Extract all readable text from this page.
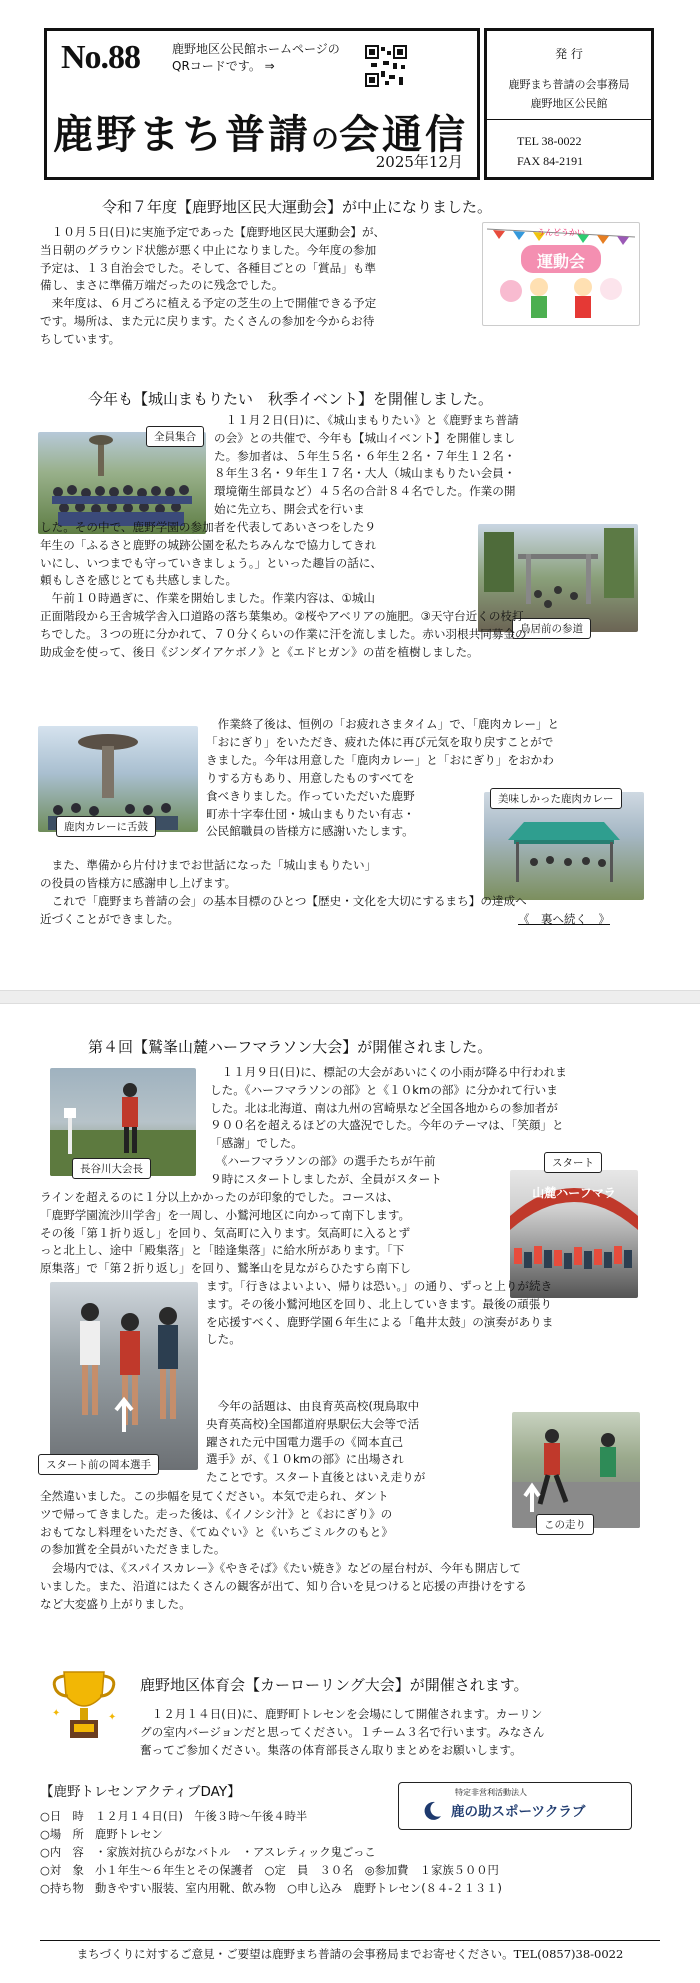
No.88	鹿野地区公民館ホームページの QRコードです。 ⇒
鹿野まち普請の会通信
2025年12月
発 行
鹿野まち普請の会事務局
鹿野地区公民館
TEL 38-0022
FAX 84-2191
令和７年度【鹿野地区民大運動会】が中止になりました。
　１０月５日(日)に実施予定であった【鹿野地区民大運動会】が、
当日朝のグラウンド状態が悪く中止になりました。今年度の参加
予定は、１３自治会でした。そして、各種目ごとの「賞品」も準
備し、まさに準備万端だったのに残念でした。
　来年度は、６月ごろに植える予定の芝生の上で開催できる予定
です。場所は、また元に戻ります。たくさんの参加を今からお待
ちしています。
うんどうかい
運動会
今年も【城山まもりたい　秋季イベント】を開催しました。
全員集合
　１１月２日(日)に、《城山まもりたい》と《鹿野まち普請
の会》との共催で、今年も【城山イベント】を開催しまし
た。参加者は、５年生５名・６年生２名・７年生１２名・
８年生３名・９年生１７名・大人（城山まもりたい会員・
環境衛生部員など）４５名の合計８４名でした。作業の開
始に先立ち、開会式を行いま
鳥居前の参道
した。その中で、鹿野学園の参加者を代表してあいさつをした９
年生の「ふるさと鹿野の城跡公園を私たちみんなで協力してきれ
いにし、いつまでも守っていきましょう。」といった趣旨の話に、
頼もしさを感じとても共感しました。
　午前１０時過ぎに、作業を開始しました。作業内容は、①城山
正面階段から王舎城学舎入口道路の落ち葉集め。②桜やアベリアの施肥。③天守台近くの枝打
ちでした。３つの班に分かれて、７０分くらいの作業に汗を流しました。赤い羽根共同募金の
助成金を使って、後日《ジンダイアケボノ》と《エドヒガン》の苗を植樹しました。
鹿肉カレーに舌鼓
　作業終了後は、恒例の「お疲れさまタイム」で、「鹿肉カレー」と
「おにぎり」をいただき、疲れた体に再び元気を取り戻すことがで
きました。今年は用意した「鹿肉カレー」と「おにぎり」をおかわ
りする方もあり、用意したものすべてを
食べきりました。作っていただいた鹿野
町赤十字奉仕団・城山まもりたい有志・
公民館職員の皆様方に感謝いたします。
美味しかった鹿肉カレー
　また、準備から片付けまでお世話になった「城山まもりたい」
の役員の皆様方に感謝申し上げます。
　これで「鹿野まち普請の会」の基本目標のひとつ【歴史・文化を大切にするまち】の達成へ
近づくことができました。	《　裏へ続く　》
第４回【鷲峯山麓ハーフマラソン大会】が開催されました。
長谷川大会長
　１１月９日(日)に、標記の大会があいにくの小雨が降る中行われま
した。《ハーフマラソンの部》と《１０kmの部》に分かれて行いま
した。北は北海道、南は九州の宮崎県など全国各地からの参加者が
９００名を超えるほどの大盛況でした。今年のテーマは、「笑顔」と
「感謝」でした。
　《ハーフマラソンの部》の選手たちが午前
９時にスタートしましたが、全員がスタート
山麓ハーフマラ
スタート
ラインを超えるのに１分以上かかったのが印象的でした。コースは、
「鹿野学園流沙川学舎」を一周し、小鷲河地区に向かって南下します。
その後「第１折り返し」を回り、気高町に入ります。気高町に入るとず
っと北上し、途中「殿集落」と「睦逢集落」に給水所があります。「下
原集落」で「第２折り返し」を回り、鷲峯山を見ながらひたすら南下し
ます。「行きはよいよい、帰りは恐い。」の通り、ずっと上りが続き
ます。その後小鷲河地区を回り、北上していきます。最後の頑張り
を応援すべく、鹿野学園６年生による「亀井太鼓」の演奏がありま
した。
スタート前の岡本選手
　今年の話題は、由良育英高校(現鳥取中
央育英高校)全国都道府県駅伝大会等で活
躍された元中国電力選手の《岡本直己
選手》が、《１０kmの部》に出場され
たことです。スタート直後とはいえ走りが
この走り
全然違いました。この歩幅を見てください。本気で走られ、ダント
ツで帰ってきました。走った後は、《イノシシ汁》と《おにぎり》の
おもてなし料理をいただき、《てぬぐい》と《いちごミルクのもと》
の参加賞を全員がいただきました。
　会場内では、《スパイスカレー》《やきそば》《たい焼き》などの屋台村が、今年も開店して
いました。また、沿道にはたくさんの観客が出て、知り合いを見つけると応援の声掛けをする
など大変盛り上がりました。
✦	✦
鹿野地区体育会【カーローリング大会】が開催されます。
　１２月１４日(日)に、鹿野町トレセンを会場にして開催されます。カーリン
グの室内バージョンだと思ってください。１チーム３名で行います。みなさん
奮ってご参加ください。集落の体育部長さん取りまとめをお願いします。
【鹿野トレセンアクティブDAY】	特定非営利活動法人
鹿の助スポーツクラブ
○日　時　１２月１４日(日)　午後３時〜午後４時半
○場　所　鹿野トレセン
○内　容　・家族対抗ひらがなバトル　・アスレティック鬼ごっこ
○対　象　小１年生〜６年生とその保護者　○定　員　３０名　◎参加費　１家族５００円
○持ち物　動きやすい服装、室内用靴、飲み物　○申し込み　鹿野トレセン(８４-２１３１)
まちづくりに対するご意見・ご要望は鹿野まち普請の会事務局までお寄せください。TEL(0857)38-0022
